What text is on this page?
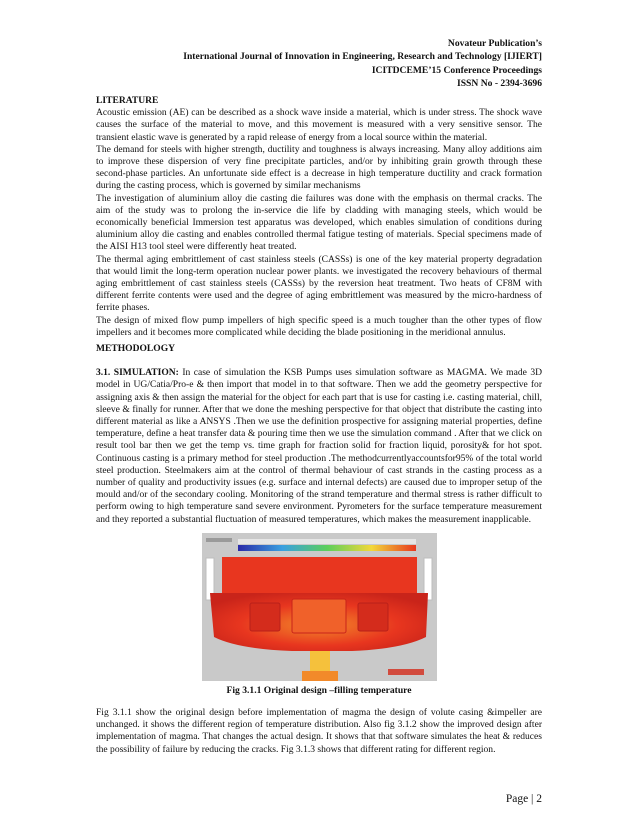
Novateur Publication’s
International Journal of Innovation in Engineering, Research and Technology [IJIERT]
ICITDCEME’15 Conference Proceedings
ISSN No - 2394-3696
LITERATURE

Acoustic emission (AE) can be described as a shock wave inside a material, which is under stress. The shock wave causes the surface of the material to move, and this movement is measured with a very sensitive sensor. The transient elastic wave is generated by a rapid release of energy from a local source within the material.

The demand for steels with higher strength, ductility and toughness is always increasing. Many alloy additions aim to improve these dispersion of very fine precipitate particles, and/or by inhibiting grain growth through these second-phase particles. An unfortunate side effect is a decrease in high temperature ductility and crack formation during the casting process, which is governed by similar mechanisms

The investigation of aluminium alloy die casting die failures was done with the emphasis on thermal cracks. The aim of the study was to prolong the in-service die life by cladding with managing steels, which would be economically beneficial Immersion test apparatus was developed, which enables simulation of conditions during aluminium alloy die casting and enables controlled thermal fatigue testing of materials. Special specimens made of the AISI H13 tool steel were differently heat treated.

The thermal aging embrittlement of cast stainless steels (CASSs) is one of the key material property degradation that would limit the long-term operation nuclear power plants. we investigated the recovery behaviours of thermal aging embrittlement of cast stainless steels (CASSs) by the reversion heat treatment. Two heats of CF8M with different ferrite contents were used and the degree of aging embrittlement was measured by the micro-hardness of ferrite phases.

The design of mixed flow pump impellers of high specific speed is a much tougher than the other types of flow impellers and it becomes more complicated while deciding the blade positioning in the meridional annulus.

METHODOLOGY

3.1. SIMULATION: In case of simulation the KSB Pumps uses simulation software as MAGMA. We made 3D model in UG/Catia/Pro-e & then import that model in to that software. Then we add the geometry perspective for assigning axis & then assign the material for the object for each part that is use for casting i.e. casting material, chill, sleeve & finally for runner. After that we done the meshing perspective for that object that distribute the casting into different material as like a ANSYS .Then we use the definition prospective for assigning material properties, define temperature, define a heat transfer data & pouring time then we use the simulation command . After that we click on result tool bar then we get the temp vs. time graph for fraction solid for fraction liquid, porosity& for hot spot. Continuous casting is a primary method for steel production .The methodcurrentlyaccountsfor95% of the total world steel production. Steelmakers aim at the control of thermal behaviour of cast strands in the casting process as a number of quality and productivity issues (e.g. surface and internal defects) are caused due to improper setup of the mould and/or of the secondary cooling. Monitoring of the strand temperature and thermal stress is rather difficult to perform owing to high temperature sand severe environment. Pyrometers for the surface temperature measurement and they reported a substantial fluctuation of measured temperatures, which makes the measurement inapplicable.

Fig 3.1.1 Original design –filling temperature

Fig 3.1.1 show the original design before implementation of magma the design of volute casing &impeller are unchanged. it shows the different region of temperature distribution. Also fig 3.1.2 show the improved design after implementation of magma. That changes the actual design. It shows that that software simulates the heat & reduces the possibility of failure by reducing the cracks. Fig 3.1.3 shows that different rating for different region.

Page | 2
